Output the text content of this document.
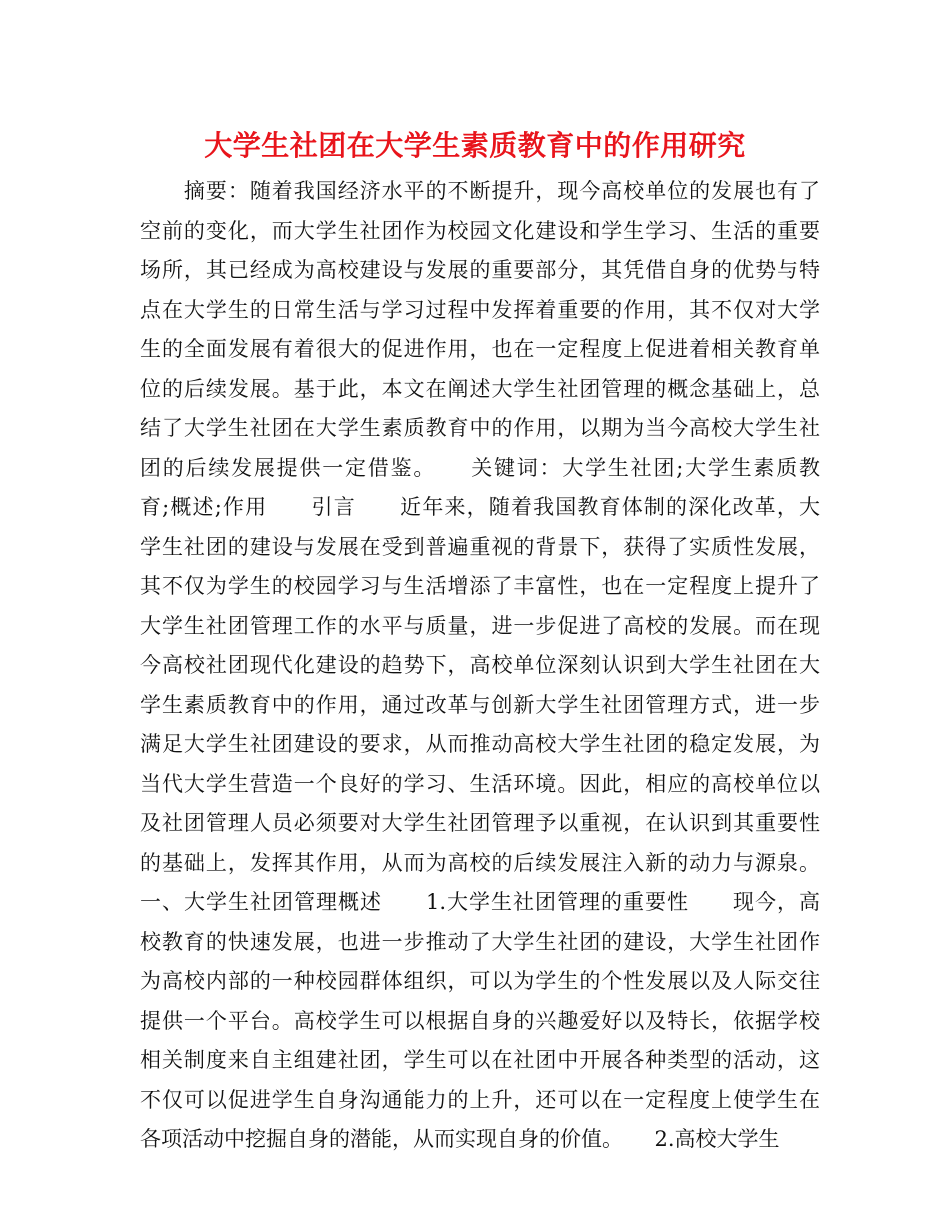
大学生社团在大学生素质教育中的作用研究
　　摘要：随着我国经济水平的不断提升，现今高校单位的发展也有了
空前的变化，而大学生社团作为校园文化建设和学生学习、生活的重要
场所，其已经成为高校建设与发展的重要部分，其凭借自身的优势与特
点在大学生的日常生活与学习过程中发挥着重要的作用，其不仅对大学
生的全面发展有着很大的促进作用，也在一定程度上促进着相关教育单
位的后续发展。基于此，本文在阐述大学生社团管理的概念基础上，总
结了大学生社团在大学生素质教育中的作用，以期为当今高校大学生社
团的后续发展提供一定借鉴。　　关键词：大学生社团;大学生素质教
育;概述;作用　　引言　　近年来，随着我国教育体制的深化改革，大
学生社团的建设与发展在受到普遍重视的背景下，获得了实质性发展，
其不仅为学生的校园学习与生活增添了丰富性，也在一定程度上提升了
大学生社团管理工作的水平与质量，进一步促进了高校的发展。而在现
今高校社团现代化建设的趋势下，高校单位深刻认识到大学生社团在大
学生素质教育中的作用，通过改革与创新大学生社团管理方式，进一步
满足大学生社团建设的要求，从而推动高校大学生社团的稳定发展，为
当代大学生营造一个良好的学习、生活环境。因此，相应的高校单位以
及社团管理人员必须要对大学生社团管理予以重视，在认识到其重要性
的基础上，发挥其作用，从而为高校的后续发展注入新的动力与源泉。
一、大学生社团管理概述　　1.大学生社团管理的重要性　　现今，高
校教育的快速发展，也进一步推动了大学生社团的建设，大学生社团作
为高校内部的一种校园群体组织，可以为学生的个性发展以及人际交往
提供一个平台。高校学生可以根据自身的兴趣爱好以及特长，依据学校
相关制度来自主组建社团，学生可以在社团中开展各种类型的活动，这
不仅可以促进学生自身沟通能力的上升，还可以在一定程度上使学生在
各项活动中挖掘自身的潜能，从而实现自身的价值。　　2.高校大学生
